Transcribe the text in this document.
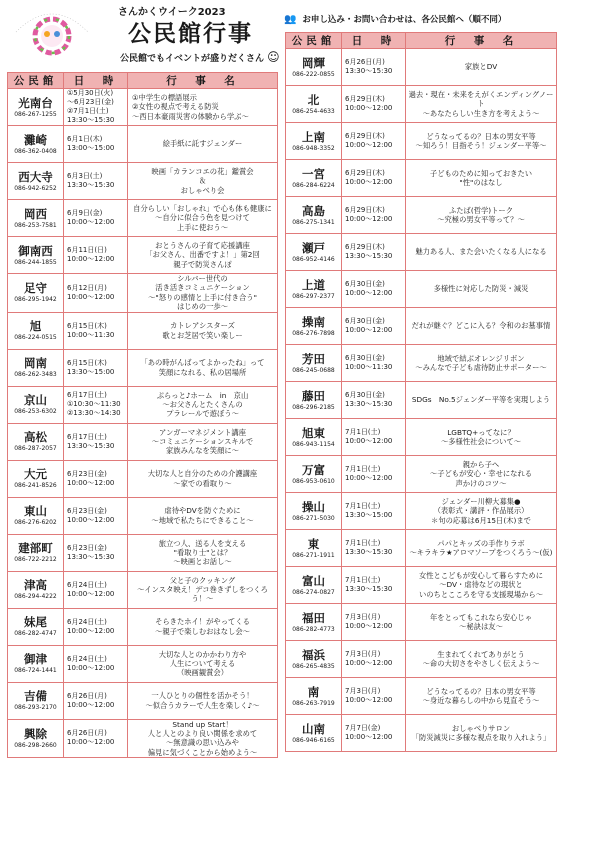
さんかくウイーク2023
公民館行事
公民館でもイベントが盛りだくさん ☺
👥 お申し込み・お問い合わせは、各公民館へ（順不同）
公民館	日　時	行　事　名

光南台
086-267-1255	①5月30日(火)
～6月23日(金)
②7月1日(土)
13:30～15:30	①中学生の標語展示
②女性の視点で考える防災
～西日本豪雨災害の体験から学ぶ～

灘崎
086-362-0408	6月1日(木)
13:00～15:00	絵手紙に託すジェンダー

西大寺
086-942-6252	6月3日(土)
13:30～15:30	映画「カランコエの花」鑑賞会
＆
おしゃべり会

岡西
086-253-7581	6月9日(金)
10:00～12:00	自分らしい「おしゃれ」で心も体も健康に
～自分に似合う色を見つけて
上手に使おう～

御南西
086-244-1855	6月11日(日)
10:00～12:00	おとうさんの子育て応援講座
「お父さん、出番ですよ！」第2回
親子で防災さんぽ

足守
086-295-1942	6月12日(月)
10:00～12:00	シルバー世代の
活き活きコミュニケーション
～"怒りの感情と上手に付き合う"
はじめの一歩～

旭
086-224-0515	6月15日(木)
10:00～11:30	カトレアシスターズ
歌とお芝居で笑い楽しー

岡南
086-262-3483	6月15日(木)
13:30～15:00	「あの時がんばってよかったね」って
笑顔になれる、私の居場所

京山
086-253-6302	6月17日(土)
①10:30～11:30
②13:30～14:30	ぷらっと♪ホーム　in　京山
～お父さんとたくさんの
プラレールで遊ぼう～

高松
086-287-2057	6月17日(土)
13:30～15:30	アンガーマネジメント講座
～コミュニケーションスキルで
家族みんなを笑顔に～

大元
086-241-8526	6月23日(金)
10:00～12:00	大切な人と自分のための介護講座
～家での看取り～

東山
086-276-6202	6月23日(金)
10:00～12:00	虐待やDVを防ぐために
～地域で私たちにできること～

建部町
086-722-2212	6月23日(金)
13:30～15:30	旅立つ人、送る人を支える
"看取り士"とは？
～映画とお話し～

津高
086-294-4222	6月24日(土)
10:00～12:00	父と子のクッキング
～インスタ映え！デコ巻きずしをつくろう！～

妹尾
086-282-4747	6月24日(土)
10:00～12:00	そらきたホイ！がやってくる
～親子で楽しむおはなし会～

御津
086-724-1441	6月24日(土)
10:00～12:00	大切な人とのかかわり方や
人生について考える
（映画観賞会）

吉備
086-293-2170	6月26日(月)
10:00～12:00	一人ひとりの個性を活かそう！
～似合うカラーで人生を楽しく♪～

興除
086-298-2660	6月26日(月)
10:00～12:00	Stand up Start！
人と人とのより良い関係を求めて
～無意識の思い込みや
偏見に気づくことから始めよう～
公民館	日　時	行　事　名

岡輝
086-222-0855	6月26日(月)
13:30～15:30	家族とDV

北
086-254-4633	6月29日(木)
10:00～12:00	過去・現在・未来をえがくエンディングノート
～あなたらしい生き方を考えよう～

上南
086-948-3352	6月29日(木)
10:00～12:00	どうなってるの？日本の男女平等
～知ろう！目指そう！ジェンダー平等～

一宮
086-284-6224	6月29日(木)
10:00～12:00	子どものために知っておきたい
"性"のはなし

高島
086-275-1341	6月29日(木)
10:00～12:00	ふたば(哲学)トーク
～究極の男女平等って？～

瀬戸
086-952-4146	6月29日(木)
13:30～15:30	魅力ある人、また会いたくなる人になる

上道
086-297-2377	6月30日(金)
10:00～12:00	多様性に対応した防災・減災

操南
086-276-7898	6月30日(金)
10:00～12:00	だれが継ぐ？どこに入る？令和のお墓事情

芳田
086-245-0688	6月30日(金)
10:00～11:30	地域で結ぶオレンジリボン
～みんなで子ども虐待防止サポーター～

藤田
086-296-2185	6月30日(金)
13:30～15:30	SDGs　No.5ジェンダー平等を実現しよう

旭東
086-943-1154	7月1日(土)
10:00～12:00	LGBTQ+ってなに？
～多様性社会について～

万富
086-953-0610	7月1日(土)
10:00～12:00	親から子へ
～子どもが安心・幸せになれる
声かけのコツ～

操山
086-271-5030	7月1日(土)
13:30～15:00	ジェンダー川柳大募集●
（表彰式・講評・作品展示）
＊句の応募は6月15日(木)まで

東
086-271-1911	7月1日(土)
13:30～15:30	パパとキッズの手作りラボ
～キラキラ★アロマソープをつくろう～(仮)

富山
086-274-0827	7月1日(土)
13:30～15:30	女性とこどもが安心して暮らすために
～DV・虐待などの現状と
いのちとこころを守る支援現場から～

福田
086-282-4773	7月3日(月)
10:00～12:00	年をとってもこれなら安心じゃ
～秘訣は友～

福浜
086-265-4835	7月3日(月)
10:00～12:00	生まれてくれてありがとう
～命の大切さをやさしく伝えよう～

南
086-263-7919	7月3日(月)
10:00～12:00	どうなってるの？日本の男女平等
～身近な暮らしの中から見直そう～

山南
086-946-6165	7月7日(金)
10:00～12:00	おしゃべりサロン
「防災減災に多様な視点を取り入れよう」
